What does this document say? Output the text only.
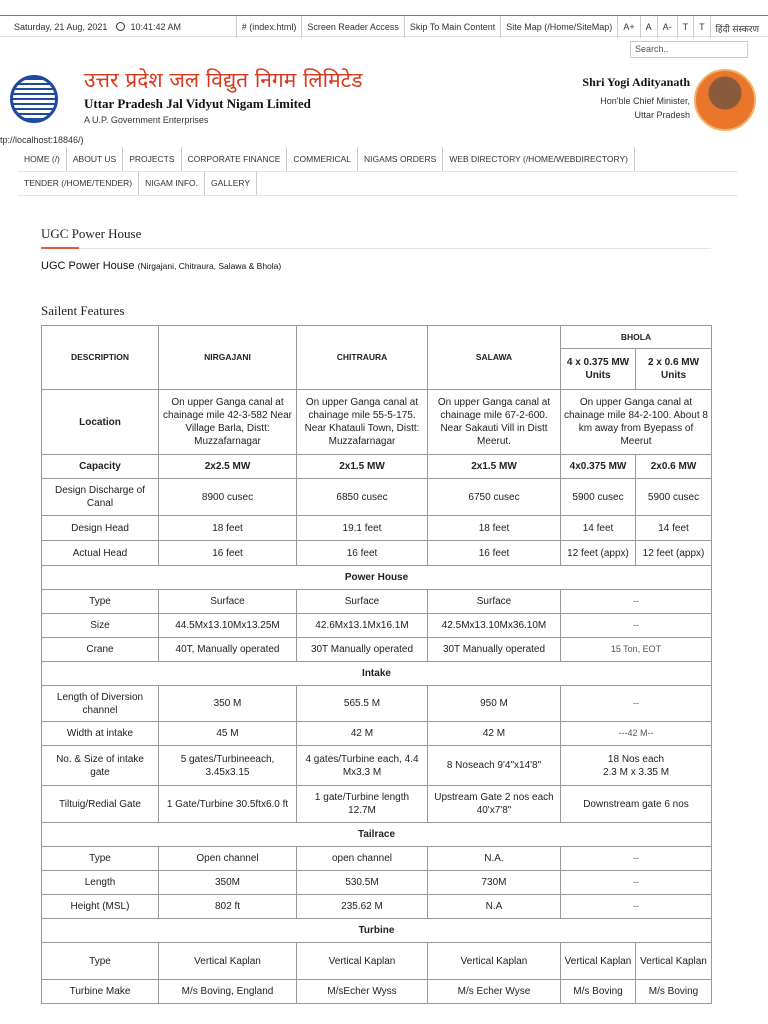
Saturday, 21 Aug, 2021	10:41:42 AM	# (index.html)	Screen Reader Access	Skip To Main Content	Site Map (/Home/SiteMap)	A+	A	A-	T	T	हिंदी संस्करण
Search..
उत्तर प्रदेश जल विद्युत निगम लिमिटेड
Uttar Pradesh Jal Vidyut Nigam Limited
A U.P. Government Enterprises
Shri Yogi Adityanath
Hon'ble Chief Minister,
Uttar Pradesh
tp://localhost:18846/)
HOME (/)	ABOUT US	PROJECTS	CORPORATE FINANCE	COMMERICAL	NIGAMS ORDERS	WEB DIRECTORY (/HOME/WEBDIRECTORY)
TENDER (/HOME/TENDER)	NIGAM INFO.	GALLERY
UGC Power House
UGC Power House (Nirgajani, Chitraura, Salawa & Bhola)
Sailent Features
DESCRIPTION	NIRGAJANI	CHITRAURA	SALAWA	BHOLA	
				4 x 0.375 MW Units	2 x 0.6 MW Units
Location	On upper Ganga canal at chainage mile 42-3-582 Near Village Barla, Distt: Muzzafarnagar	On upper Ganga canal at chainage mile 55-5-175. Near Khatauli Town, Distt: Muzzafarnagar	On upper Ganga canal at chainage mile 67-2-600. Near Sakauti Vill in Distt Meerut.	On upper Ganga canal at chainage mile 84-2-100. About 8 km away from Byepass of Meerut	
Capacity	2x2.5 MW	2x1.5 MW	2x1.5 MW	4x0.375 MW	2x0.6 MW
Design Discharge of Canal	8900 cusec	6850 cusec	6750 cusec	5900 cusec	5900 cusec
Design Head	18 feet	19.1 feet	18 feet	14 feet	14 feet
Actual Head	16 feet	16 feet	16 feet	12 feet (appx)	12 feet (appx)
Power House					
Type	Surface	Surface	Surface	--	
Size	44.5Mx13.10Mx13.25M	42.6Mx13.1Mx16.1M	42.5Mx13.10Mx36.10M	--	
Crane	40T, Manually operated	30T Manually operated	30T Manually operated	15 Ton, EOT	
Intake					
Length of Diversion channel	350 M	565.5 M	950 M	--	
Width at intake	45 M	42 M	42 M	---42 M--	
No. & Size of intake gate	5 gates/Turbineeach, 3.45x3.15	4 gates/Turbine each, 4.4 Mx3.3 M	8 Noseach 9'4"x14'8"	18 Nos each
2.3 M x 3.35 M	

Tiltuig/Redial Gate	1 Gate/Turbine 30.5ftx6.0 ft	1 gate/Turbine length 12.7M	Upstream Gate 2 nos each 40'x7'8"	Downstream gate 6 nos	
Tailrace					
Type	Open channel	open channel	N.A.	--	
Length	350M	530.5M	730M	--	
Height (MSL)	802 ft	235.62 M	N.A	--	
Turbine					
Type	Vertical Kaplan	Vertical Kaplan	Vertical Kaplan	Vertical Kaplan	Vertical Kaplan
Turbine Make	M/s Boving, England	M/sEcher Wyss	M/s Echer Wyse	M/s Boving	M/s Boving
